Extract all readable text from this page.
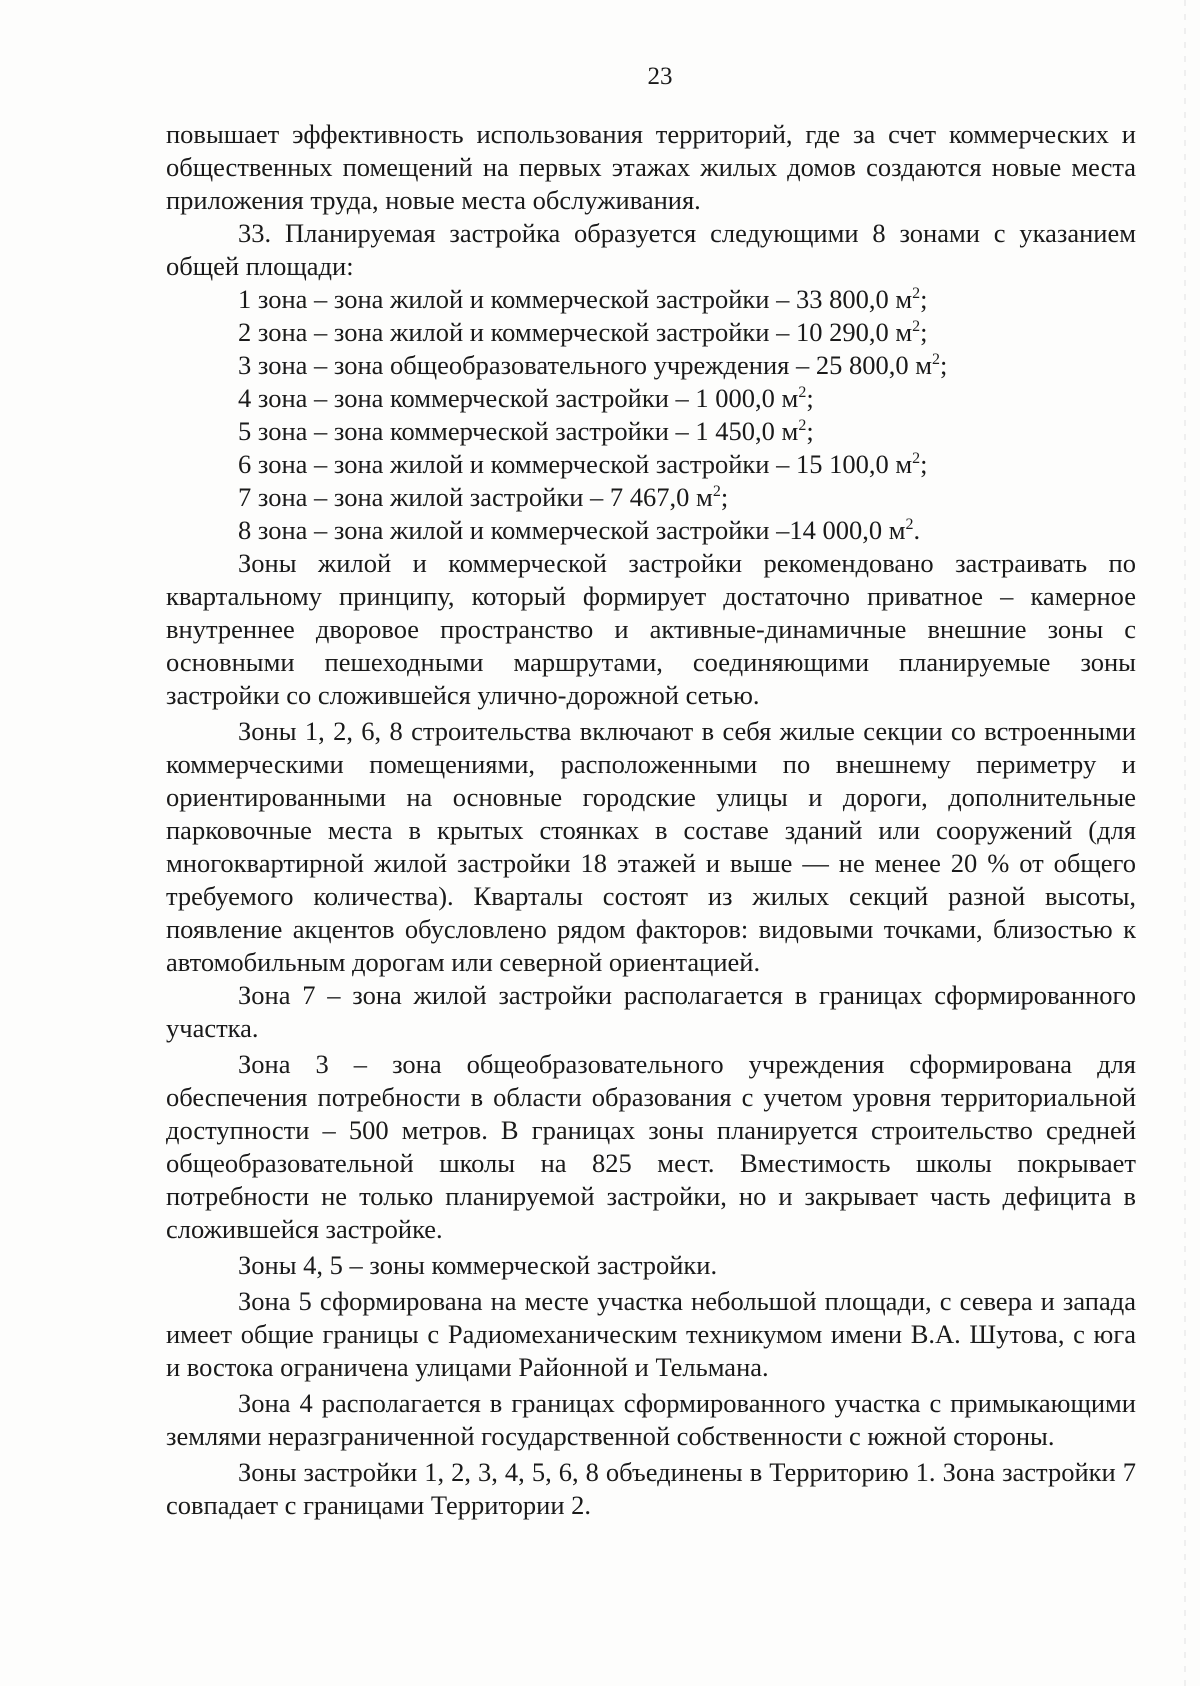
23

повышает эффективность использования территорий, где за счет коммерческих и общественных помещений на первых этажах жилых домов создаются новые места приложения труда, новые места обслуживания.

33. Планируемая застройка образуется следующими 8 зонами с указанием общей площади:

1 зона – зона жилой и коммерческой застройки – 33 800,0 $м^2$;

2 зона – зона жилой и коммерческой застройки – 10 290,0 $м^2$;

3 зона – зона общеобразовательного учреждения – 25 800,0 $м^2$;

4 зона – зона коммерческой застройки – 1 000,0 $м^2$;

5 зона – зона коммерческой застройки – 1 450,0 $м^2$;

6 зона – зона жилой и коммерческой застройки – 15 100,0 $м^2$;

7 зона – зона жилой застройки – 7 467,0 $м^2$;

8 зона – зона жилой и коммерческой застройки –14 000,0 $м^2$.

Зоны жилой и коммерческой застройки рекомендовано застраивать по квартальному принципу, который формирует достаточно приватное – камерное внутреннее дворовое пространство и активные-динамичные внешние зоны с основными пешеходными маршрутами, соединяющими планируемые зоны застройки со сложившейся улично-дорожной сетью.

Зоны 1, 2, 6, 8 строительства включают в себя жилые секции со встроенными коммерческими помещениями, расположенными по внешнему периметру и ориентированными на основные городские улицы и дороги, дополнительные парковочные места в крытых стоянках в составе зданий или сооружений (для многоквартирной жилой застройки 18 этажей и выше — не менее 20 % от общего требуемого количества). Кварталы состоят из жилых секций разной высоты, появление акцентов обусловлено рядом факторов: видовыми точками, близостью к автомобильным дорогам или северной ориентацией.

Зона 7 – зона жилой застройки располагается в границах сформированного участка.

Зона 3 – зона общеобразовательного учреждения сформирована для обеспечения потребности в области образования с учетом уровня территориальной доступности – 500 метров. В границах зоны планируется строительство средней общеобразовательной школы на 825 мест. Вместимость школы покрывает потребности не только планируемой застройки, но и закрывает часть дефицита в сложившейся застройке.

Зоны 4, 5 – зоны коммерческой застройки.

Зона 5 сформирована на месте участка небольшой площади, с севера и запада имеет общие границы с Радиомеханическим техникумом имени В.А. Шутова, с юга и востока ограничена улицами Районной и Тельмана.

Зона 4 располагается в границах сформированного участка с примыкающими землями неразграниченной государственной собственности с южной стороны.

Зоны застройки 1, 2, 3, 4, 5, 6, 8 объединены в Территорию 1. Зона застройки 7 совпадает с границами Территории 2.
